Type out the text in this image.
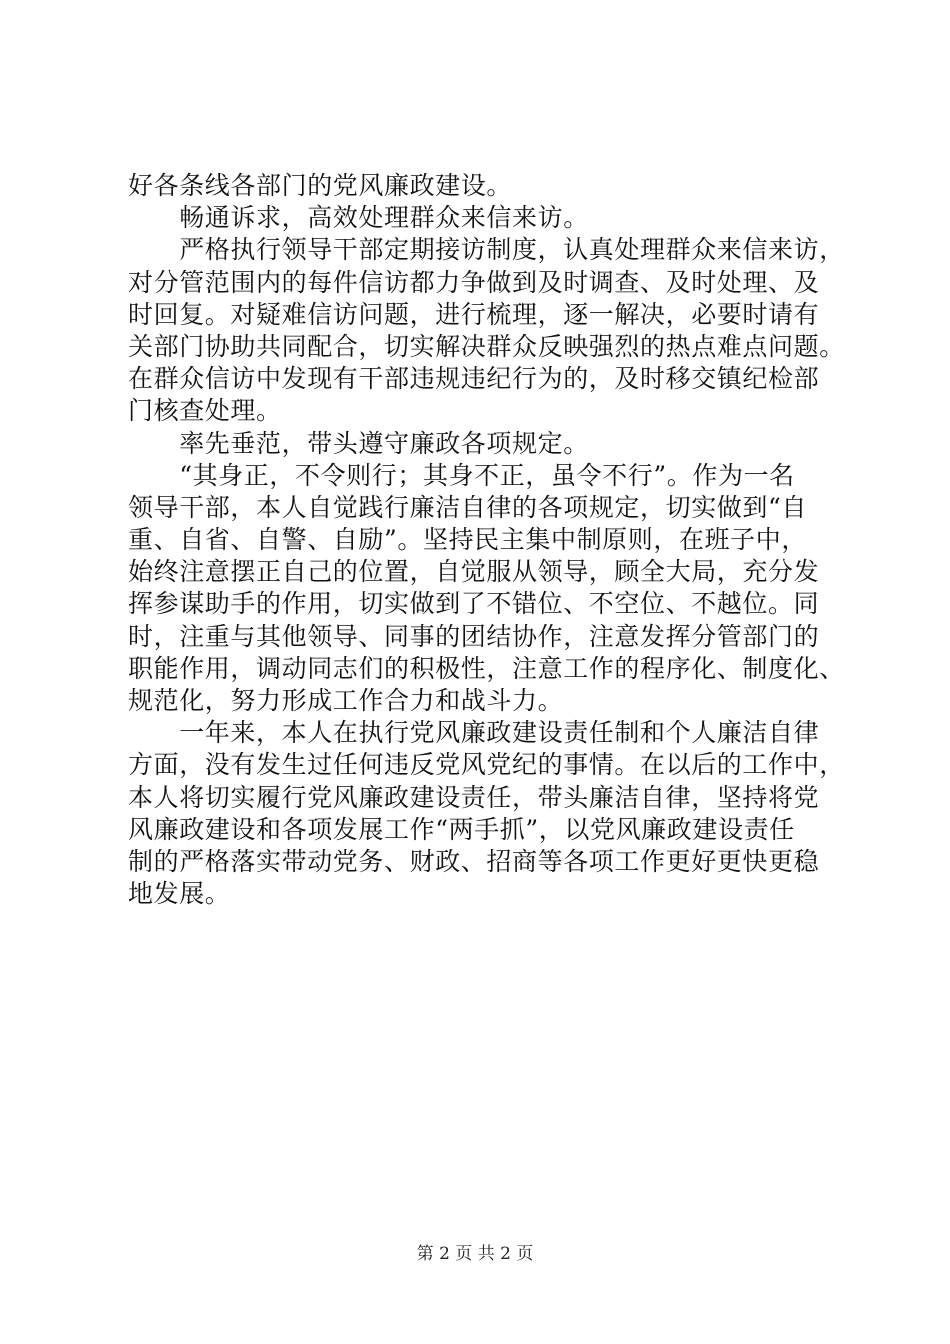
好各条线各部门的党风廉政建设。
　　畅通诉求，高效处理群众来信来访。
　　严格执行领导干部定期接访制度，认真处理群众来信来访，
对分管范围内的每件信访都力争做到及时调查、及时处理、及
时回复。对疑难信访问题，进行梳理，逐一解决，必要时请有
关部门协助共同配合，切实解决群众反映强烈的热点难点问题。
在群众信访中发现有干部违规违纪行为的，及时移交镇纪检部
门核查处理。
　　率先垂范，带头遵守廉政各项规定。
　　“其身正，不令则行；其身不正，虽令不行”。作为一名
领导干部，本人自觉践行廉洁自律的各项规定，切实做到“自
重、自省、自警、自励”。坚持民主集中制原则，在班子中，
始终注意摆正自己的位置，自觉服从领导，顾全大局，充分发
挥参谋助手的作用，切实做到了不错位、不空位、不越位。同
时，注重与其他领导、同事的团结协作，注意发挥分管部门的
职能作用，调动同志们的积极性，注意工作的程序化、制度化、
规范化，努力形成工作合力和战斗力。
　　一年来，本人在执行党风廉政建设责任制和个人廉洁自律
方面，没有发生过任何违反党风党纪的事情。在以后的工作中，
本人将切实履行党风廉政建设责任，带头廉洁自律，坚持将党
风廉政建设和各项发展工作“两手抓”，以党风廉政建设责任
制的严格落实带动党务、财政、招商等各项工作更好更快更稳
地发展。
第 2 页 共 2 页
